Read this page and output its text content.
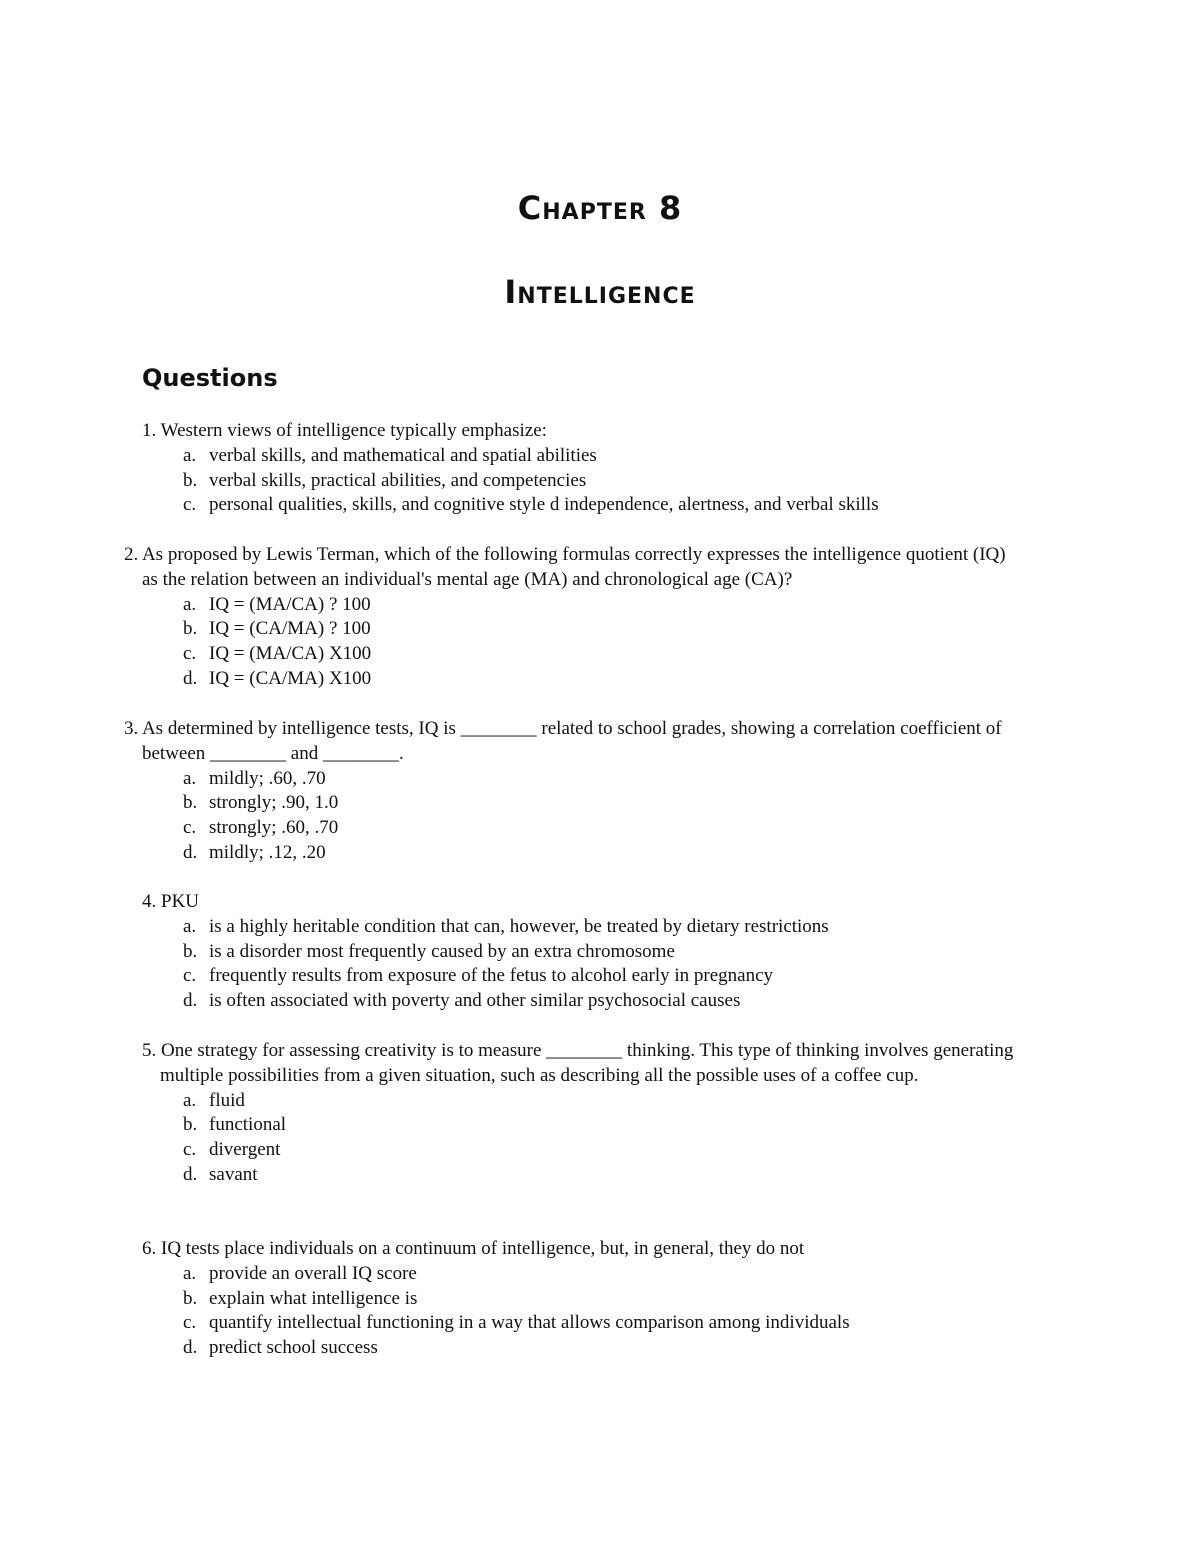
Chapter 8
Intelligence
Questions

1. Western views of intelligence typically emphasize:

a. verbal skills, and mathematical and spatial abilities
b. verbal skills, practical abilities, and competencies
c. personal qualities, skills, and cognitive style d independence, alertness, and verbal skills

2. As proposed by Lewis Terman, which of the following formulas correctly expresses the intelligence quotient (IQ) as the relation between an individual's mental age (MA) and chronological age (CA)?

a. IQ = (MA/CA) ? 100
b. IQ = (CA/MA) ? 100
c. IQ = (MA/CA) X100
d. IQ = (CA/MA) X100

3. As determined by intelligence tests, IQ is ________ related to school grades, showing a correlation coefficient of between ________ and ________.

a. mildly; .60, .70
b. strongly; .90, 1.0
c. strongly; .60, .70
d. mildly; .12, .20

4. PKU

a. is a highly heritable condition that can, however, be treated by dietary restrictions
b. is a disorder most frequently caused by an extra chromosome
c. frequently results from exposure of the fetus to alcohol early in pregnancy
d. is often associated with poverty and other similar psychosocial causes

5. One strategy for assessing creativity is to measure ________ thinking. This type of thinking involves generating multiple possibilities from a given situation, such as describing all the possible uses of a coffee cup.

a. fluid
b. functional
c. divergent
d. savant

6. IQ tests place individuals on a continuum of intelligence, but, in general, they do not

a. provide an overall IQ score
b. explain what intelligence is
c. quantify intellectual functioning in a way that allows comparison among individuals
d. predict school success
